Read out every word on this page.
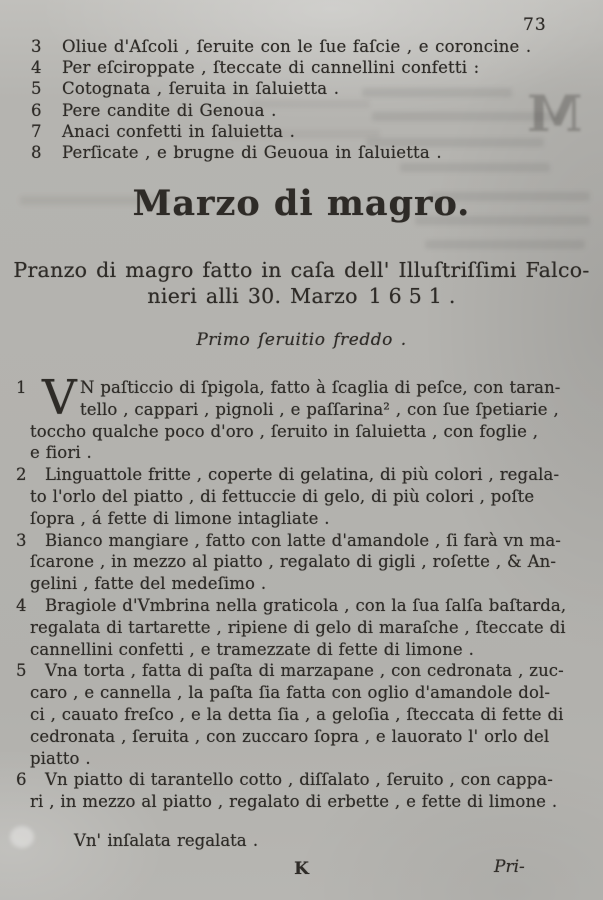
M
73
3 Oliue d'Aſcoli , ſeruite con le ſue faſcie , e coroncine .
4 Per eſciroppate , ſteccate di cannellini confetti :
5 Cotognata , ſeruita in ſaluietta .
6 Pere candite di Genoua .
7 Anaci confetti in ſaluietta .
8 Perſicate , e brugne di Geuoua in ſaluietta .
Marzo di magro.
Pranzo di magro fatto in caſa dell' Illuſtriſſimi Falco-
nieri alli 30. Marzo 1651.
Primo ſeruitio freddo .
1 V N paſticcio di ſpigola, fatto à ſcaglia di peſce, con taran-
tello , cappari , pignoli , e paſſarina² , con ſue ſpetiarie ,
toccho qualche poco d'oro , ſeruito in ſaluietta , con foglie ,
e fiori .
2	Linguattole fritte , coperte di gelatina, di più colori , regala-
to l'orlo del piatto , di fettuccie di gelo, di più colori , poſte
ſopra , á fette di limone intagliate .
3	Bianco mangiare , fatto con latte d'amandole , ſi farà vn ma-
ſcarone , in mezzo al piatto , regalato di gigli , roſette , & An-
gelini , fatte del medeſimo .
4	Bragiole d'Vmbrina nella graticola , con la ſua ſalſa baſtarda,
regalata di tartarette , ripiene di gelo di maraſche , ſteccate di
cannellini confetti , e tramezzate di fette di limone .
5	Vna torta , fatta di paſta di marzapane , con cedronata , zuc-
caro , e cannella , la paſta ſia fatta con oglio d'amandole dol-
ci , cauato freſco , e la detta ſia , a geloſia , ſteccata di fette di
cedronata , ſeruita , con zuccaro ſopra , e lauorato l' orlo del
piatto .
6	Vn piatto di tarantello cotto , diſſalato , ſeruito , con cappa-
ri , in mezzo al piatto , regalato di erbette , e fette di limone .
Vn' inſalata regalata .
K	Pri-
